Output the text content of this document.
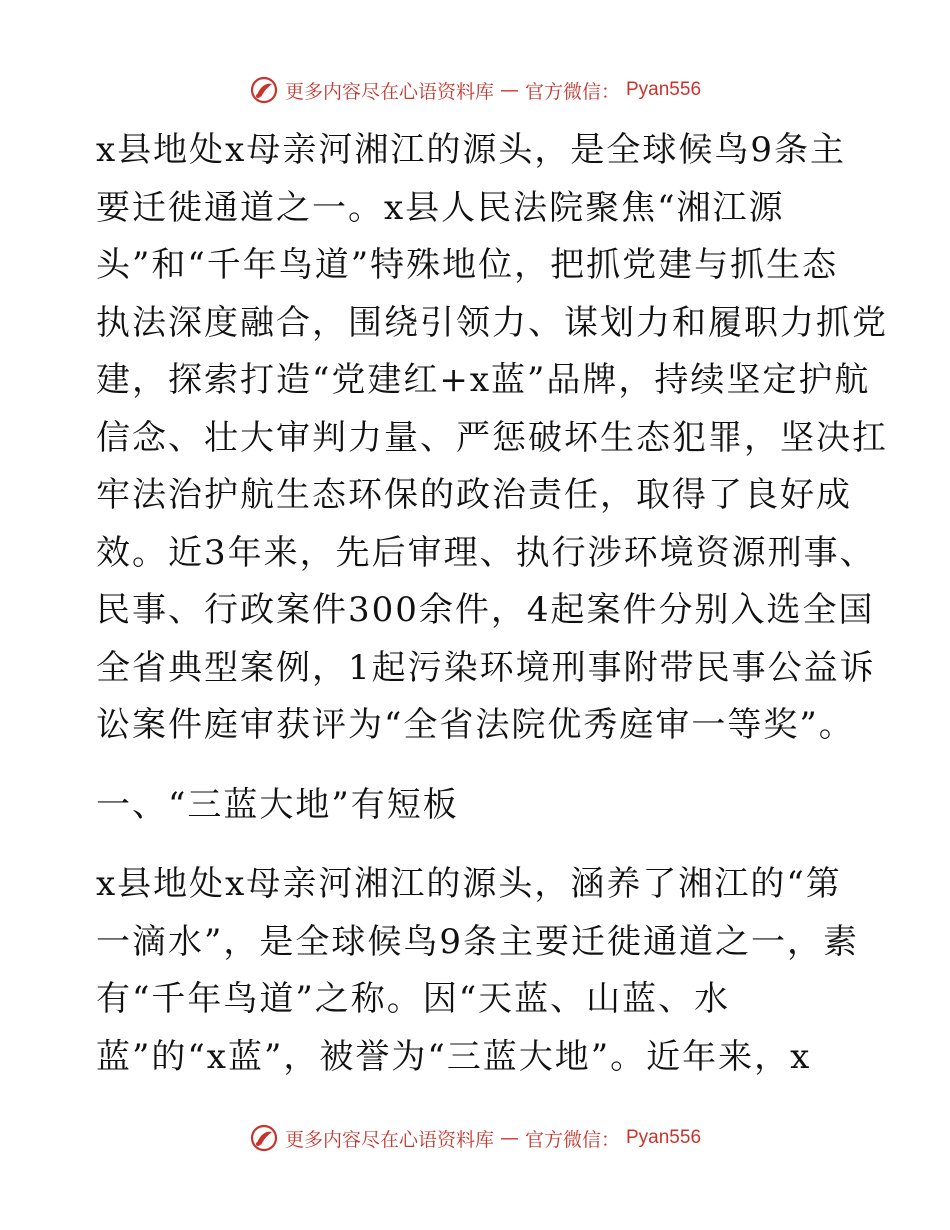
更多内容尽在心语资料库 — 官方微信： Pyan556
x县地处x母亲河湘江的源头，是全球候鸟9条主
要迁徙通道之一。x县人民法院聚焦“湘江源
头”和“千年鸟道”特殊地位，把抓党建与抓生态
执法深度融合，围绕引领力、谋划力和履职力抓党
建，探索打造“党建红+x蓝”品牌，持续坚定护航
信念、壮大审判力量、严惩破坏生态犯罪，坚决扛
牢法治护航生态环保的政治责任，取得了良好成
效。近3年来，先后审理、执行涉环境资源刑事、
民事、行政案件300余件，4起案件分别入选全国
全省典型案例，1起污染环境刑事附带民事公益诉
讼案件庭审获评为“全省法院优秀庭审一等奖”。
一、“三蓝大地”有短板
x县地处x母亲河湘江的源头，涵养了湘江的“第
一滴水”，是全球候鸟9条主要迁徙通道之一，素
有“千年鸟道”之称。因“天蓝、山蓝、水
蓝”的“x蓝”，被誉为“三蓝大地”。近年来，x
更多内容尽在心语资料库 — 官方微信： Pyan556
